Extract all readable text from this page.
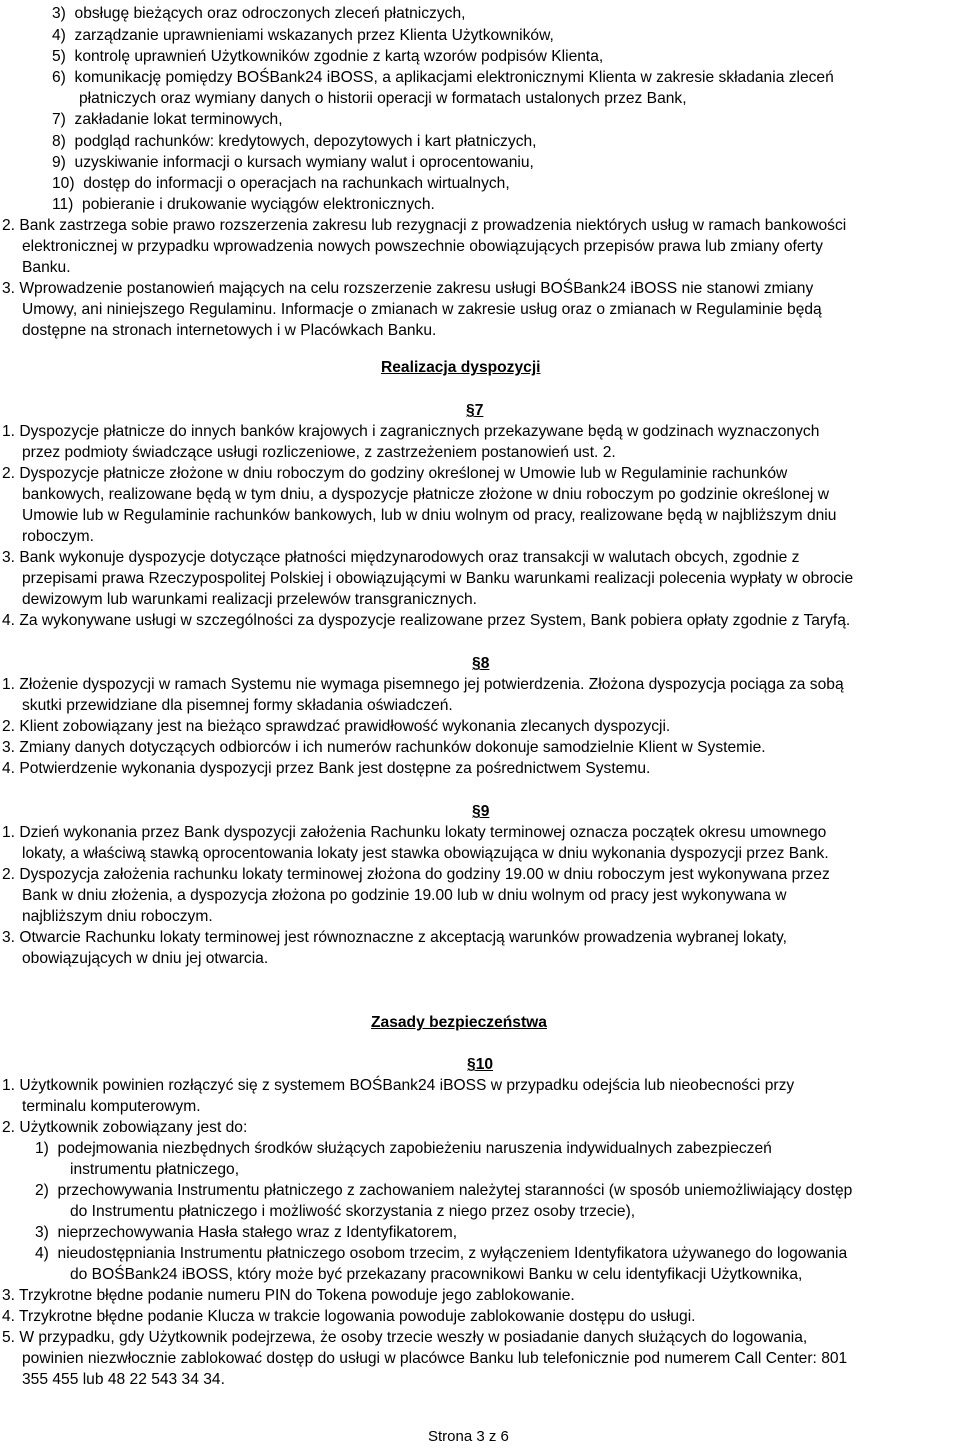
3)  obsługę bieżących oraz odroczonych zleceń płatniczych,
4)  zarządzanie uprawnieniami wskazanych przez Klienta Użytkowników,
5)  kontrolę uprawnień Użytkowników zgodnie z kartą wzorów podpisów Klienta,
6)  komunikację pomiędzy BOŚBank24 iBOSS, a aplikacjami elektronicznymi Klienta w zakresie składania zleceń
płatniczych oraz wymiany danych o historii operacji w formatach ustalonych przez Bank,
7)  zakładanie lokat terminowych,
8)  podgląd rachunków: kredytowych, depozytowych i kart płatniczych,
9)  uzyskiwanie informacji o kursach wymiany walut i oprocentowaniu,
10)  dostęp do informacji o operacjach na rachunkach wirtualnych,
11)  pobieranie i drukowanie wyciągów elektronicznych.
2. Bank zastrzega sobie prawo rozszerzenia zakresu lub rezygnacji z prowadzenia niektórych usług w ramach bankowości
elektronicznej w przypadku wprowadzenia nowych powszechnie obowiązujących przepisów prawa lub zmiany oferty
Banku.
3. Wprowadzenie postanowień mających na celu rozszerzenie zakresu usługi BOŚBank24 iBOSS nie stanowi zmiany
Umowy, ani niniejszego Regulaminu. Informacje o zmianach w zakresie usług oraz o zmianach w Regulaminie będą
dostępne na stronach internetowych i w Placówkach Banku.
Realizacja dyspozycji
§7
1. Dyspozycje płatnicze do innych banków krajowych i zagranicznych przekazywane będą w godzinach wyznaczonych
przez podmioty świadczące usługi rozliczeniowe, z zastrzeżeniem postanowień ust. 2.
2. Dyspozycje płatnicze złożone w dniu roboczym do godziny określonej w Umowie lub w Regulaminie rachunków
bankowych, realizowane będą w tym dniu, a dyspozycje płatnicze złożone w dniu roboczym po godzinie określonej w
Umowie lub w Regulaminie rachunków bankowych, lub w dniu wolnym od pracy, realizowane będą w najbliższym dniu
roboczym.
3. Bank wykonuje dyspozycje dotyczące płatności międzynarodowych oraz transakcji w walutach obcych, zgodnie z
przepisami prawa Rzeczypospolitej Polskiej i obowiązującymi w Banku warunkami realizacji polecenia wypłaty w obrocie
dewizowym lub warunkami realizacji przelewów transgranicznych.
4. Za wykonywane usługi w szczególności za dyspozycje realizowane przez System, Bank pobiera opłaty zgodnie z Taryfą.
§8
1. Złożenie dyspozycji w ramach Systemu nie wymaga pisemnego jej potwierdzenia. Złożona dyspozycja pociąga za sobą
skutki przewidziane dla pisemnej formy składania oświadczeń.
2. Klient zobowiązany jest na bieżąco sprawdzać prawidłowość wykonania zlecanych dyspozycji.
3. Zmiany danych dotyczących odbiorców i ich numerów rachunków dokonuje samodzielnie Klient w Systemie.
4. Potwierdzenie wykonania dyspozycji przez Bank jest dostępne za pośrednictwem Systemu.
§9
1. Dzień wykonania przez Bank dyspozycji założenia Rachunku lokaty terminowej oznacza początek okresu umownego
lokaty, a właściwą stawką oprocentowania lokaty jest stawka obowiązująca w dniu wykonania dyspozycji przez Bank.
2. Dyspozycja założenia rachunku lokaty terminowej złożona do godziny 19.00 w dniu roboczym jest wykonywana przez
Bank w dniu złożenia, a dyspozycja złożona po godzinie 19.00 lub w dniu wolnym od pracy jest wykonywana w
najbliższym dniu roboczym.
3. Otwarcie Rachunku lokaty terminowej jest równoznaczne z akceptacją warunków prowadzenia wybranej lokaty,
obowiązujących w dniu jej otwarcia.
Zasady bezpieczeństwa
§10
1. Użytkownik powinien rozłączyć się z systemem BOŚBank24 iBOSS w przypadku odejścia lub nieobecności przy
terminalu komputerowym.
2. Użytkownik zobowiązany jest do:
1)  podejmowania niezbędnych środków służących zapobieżeniu naruszenia indywidualnych zabezpieczeń
instrumentu płatniczego,
2)  przechowywania Instrumentu płatniczego z zachowaniem należytej staranności (w sposób uniemożliwiający dostęp
do Instrumentu płatniczego i możliwość skorzystania z niego przez osoby trzecie),
3)  nieprzechowywania Hasła stałego wraz z Identyfikatorem,
4)  nieudostępniania Instrumentu płatniczego osobom trzecim, z wyłączeniem Identyfikatora używanego do logowania
do BOŚBank24 iBOSS, który może być przekazany pracownikowi Banku w celu identyfikacji Użytkownika,
3. Trzykrotne błędne podanie numeru PIN do Tokena powoduje jego zablokowanie.
4. Trzykrotne błędne podanie Klucza w trakcie logowania powoduje zablokowanie dostępu do usługi.
5. W przypadku, gdy Użytkownik podejrzewa, że osoby trzecie weszły w posiadanie danych służących do logowania,
powinien niezwłocznie zablokować dostęp do usługi w placówce Banku lub telefonicznie pod numerem Call Center: 801
355 455 lub 48 22 543 34 34.
Strona 3 z 6
